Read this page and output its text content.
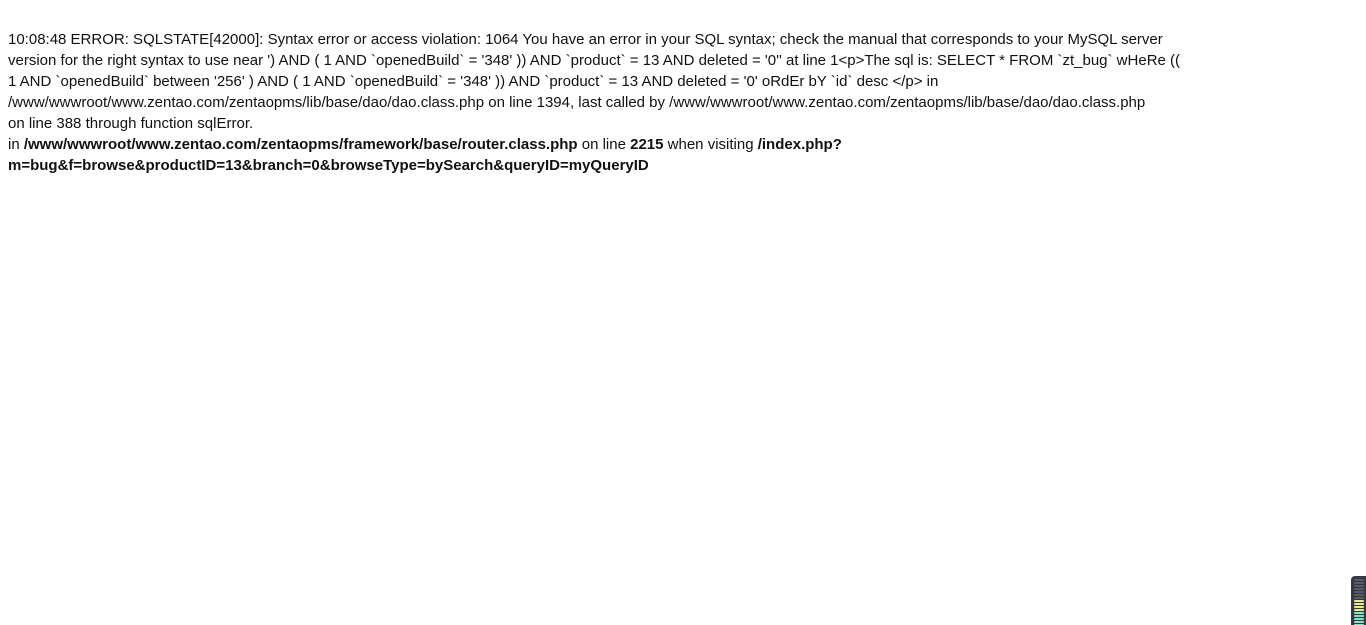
10:08:48 ERROR: SQLSTATE[42000]: Syntax error or access violation: 1064 You have an error in your SQL syntax; check the manual that corresponds to your MySQL server
version for the right syntax to use near ') AND ( 1 AND `openedBuild` = '348' )) AND `product` = 13 AND deleted = '0'' at line 1<p>The sql is: SELECT * FROM `zt_bug` wHeRe ((
1 AND `openedBuild` between '256' ) AND ( 1 AND `openedBuild` = '348' )) AND `product` = 13 AND deleted = '0' oRdEr bY `id` desc </p> in
/www/wwwroot/www.zentao.com/zentaopms/lib/base/dao/dao.class.php on line 1394, last called by /www/wwwroot/www.zentao.com/zentaopms/lib/base/dao/dao.class.php
on line 388 through function sqlError.
in /www/wwwroot/www.zentao.com/zentaopms/framework/base/router.class.php on line 2215 when visiting /index.php?
m=bug&f=browse&productID=13&branch=0&browseType=bySearch&queryID=myQueryID
